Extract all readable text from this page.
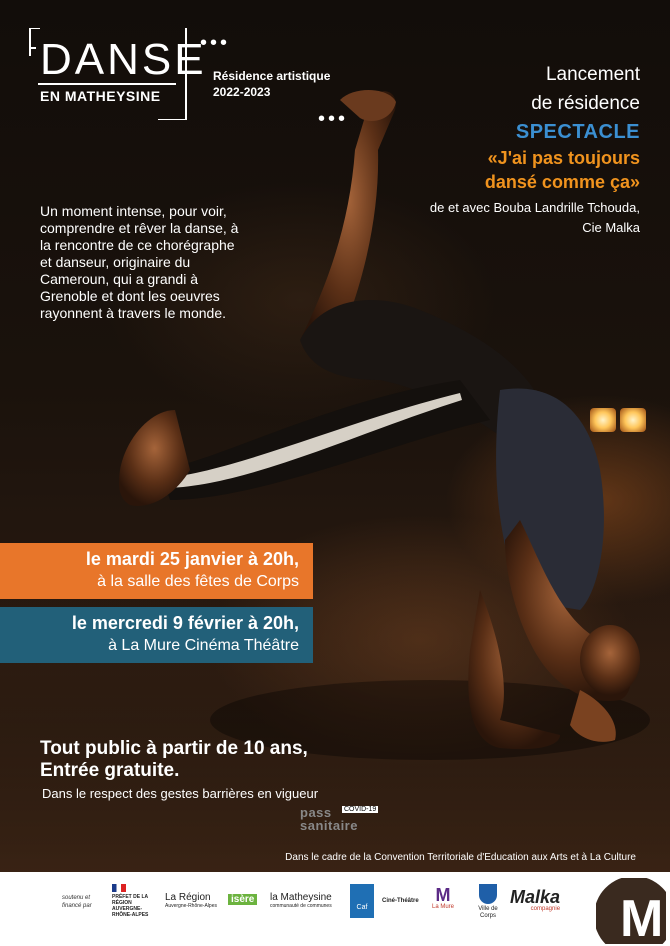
DANSE
EN MATHEYSINE
•••
•••
Résidence artistique
2022-2023
Lancement
de résidence
SPECTACLE
«J'ai pas toujours
dansé comme ça»
de et avec Bouba Landrille Tchouda,
Cie Malka
Un moment intense, pour voir, comprendre et rêver la danse, à la rencontre de ce chorégraphe et danseur, originaire du Cameroun, qui a grandi à Grenoble et dont les oeuvres rayonnent à travers le monde.
le mardi 25 janvier à 20h,
à la salle des fêtes de Corps
le mercredi 9 février à 20h,
à La Mure Cinéma Théâtre
Tout public à partir de 10 ans,
Entrée gratuite.
Dans le respect des gestes barrières en vigueur
pass
sanitaire
COVID-19
Dans le cadre de la Convention Territoriale d'Education aux Arts et à La Culture
soutenu et
financé par
PRÉFET DE LA RÉGION AUVERGNE-RHÔNE-ALPES
La Région
Auvergne-Rhône-Alpes
isère	la Matheysine
communauté de communes	Caf
Ciné-Théâtre M
La Mure	Ville de Corps
Malka
compagnie M
